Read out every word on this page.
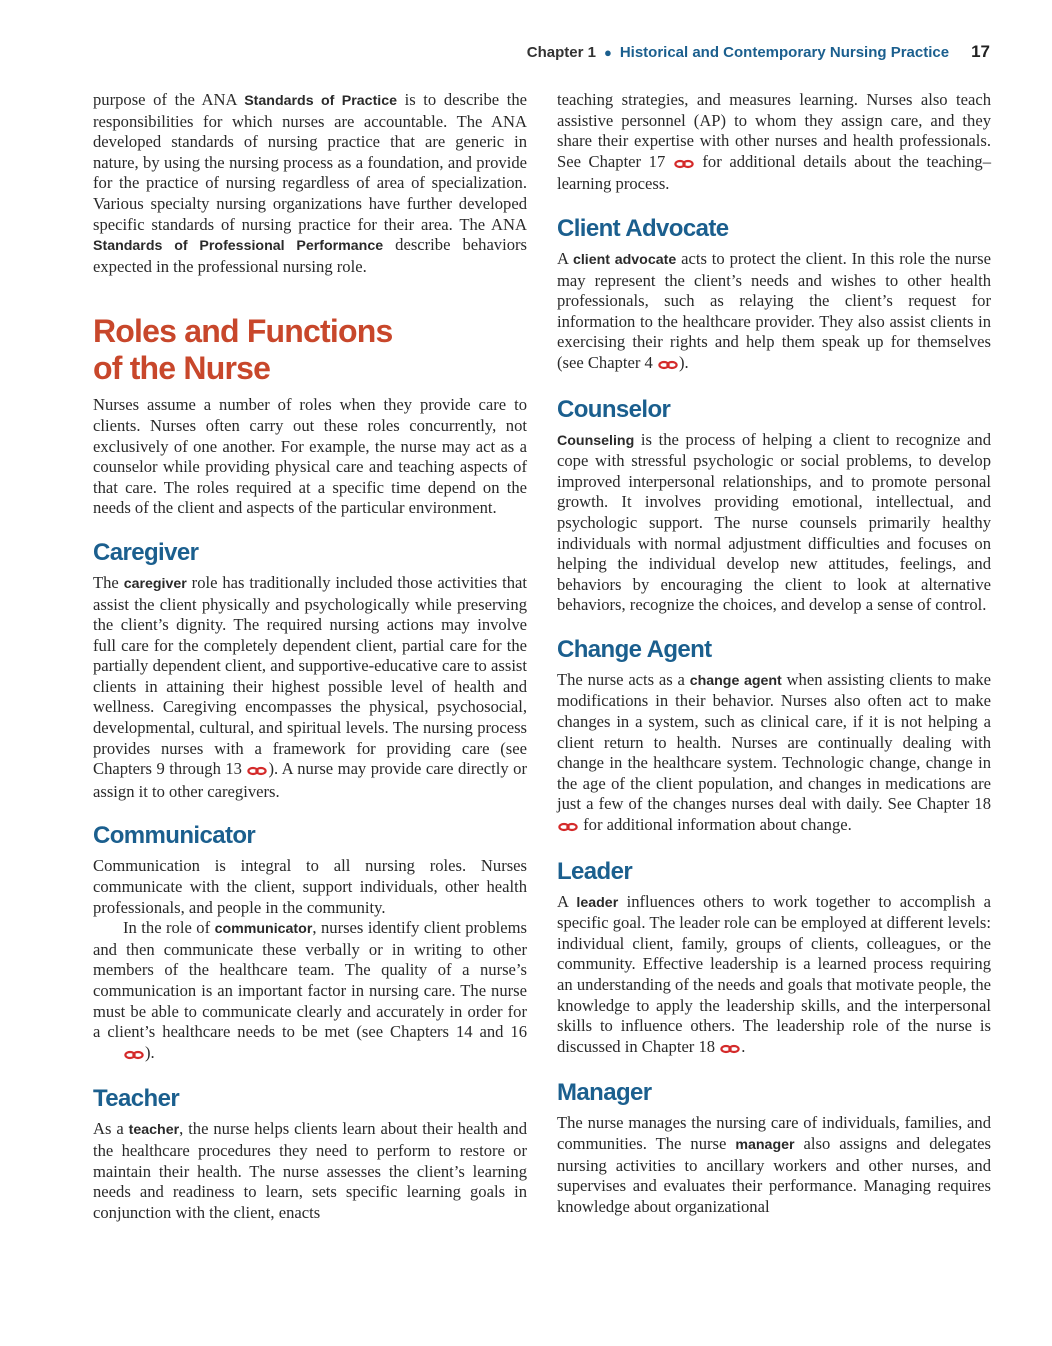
Chapter 1 ● Historical and Contemporary Nursing Practice 17

purpose of the ANA Standards of Practice is to describe the responsibilities for which nurses are accountable. The ANA developed standards of nursing practice that are generic in nature, by using the nursing process as a foundation, and provide for the practice of nursing regardless of area of specialization. Various specialty nursing organizations have further developed specific standards of nursing practice for their area. The ANA Standards of Professional Performance describe behaviors expected in the professional nursing role.

Roles and Functions
of the Nurse

Nurses assume a number of roles when they provide care to clients. Nurses often carry out these roles concurrently, not exclusively of one another. For example, the nurse may act as a counselor while providing physical care and teaching aspects of that care. The roles required at a specific time depend on the needs of the client and aspects of the particular environment.

Caregiver

The caregiver role has traditionally included those activities that assist the client physically and psychologically while preserving the client’s dignity. The required nursing actions may involve full care for the completely dependent client, partial care for the partially dependent client, and supportive-educative care to assist clients in attaining their highest possible level of health and wellness. Caregiving encompasses the physical, psychosocial, developmental, cultural, and spiritual levels. The nursing process provides nurses with a framework for providing care (see Chapters 9 through 13 ). A nurse may provide care directly or assign it to other caregivers.

Communicator

Communication is integral to all nursing roles. Nurses communicate with the client, support individuals, other health professionals, and people in the community.

In the role of communicator, nurses identify client problems and then communicate these verbally or in writing to other members of the healthcare team. The quality of a nurse’s communication is an important factor in nursing care. The nurse must be able to communicate clearly and accurately in order for a client’s healthcare needs to be met (see Chapters 14 and 16 ).

Teacher

As a teacher, the nurse helps clients learn about their health and the healthcare procedures they need to perform to restore or maintain their health. The nurse assesses the client’s learning needs and readiness to learn, sets specific learning goals in conjunction with the client, enacts

teaching strategies, and measures learning. Nurses also teach assistive personnel (AP) to whom they assign care, and they share their expertise with other nurses and health professionals. See Chapter 17  for additional details about the teaching–learning process.

Client Advocate

A client advocate acts to protect the client. In this role the nurse may represent the client’s needs and wishes to other health professionals, such as relaying the client’s request for information to the healthcare provider. They also assist clients in exercising their rights and help them speak up for themselves (see Chapter 4 ).

Counselor

Counseling is the process of helping a client to recognize and cope with stressful psychologic or social problems, to develop improved interpersonal relationships, and to promote personal growth. It involves providing emotional, intellectual, and psychologic support. The nurse counsels primarily healthy individuals with normal adjustment difficulties and focuses on helping the individual develop new attitudes, feelings, and behaviors by encouraging the client to look at alternative behaviors, recognize the choices, and develop a sense of control.

Change Agent

The nurse acts as a change agent when assisting clients to make modifications in their behavior. Nurses also often act to make changes in a system, such as clinical care, if it is not helping a client return to health. Nurses are continually dealing with change in the healthcare system. Technologic change, change in the age of the client population, and changes in medications are just a few of the changes nurses deal with daily. See Chapter 18  for additional information about change.

Leader

A leader influences others to work together to accomplish a specific goal. The leader role can be employed at different levels: individual client, family, groups of clients, colleagues, or the community. Effective leadership is a learned process requiring an understanding of the needs and goals that motivate people, the knowledge to apply the leadership skills, and the interpersonal skills to influence others. The leadership role of the nurse is discussed in Chapter 18 .

Manager

The nurse manages the nursing care of individuals, families, and communities. The nurse manager also assigns and delegates nursing activities to ancillary workers and other nurses, and supervises and evaluates their performance. Managing requires knowledge about organizational
